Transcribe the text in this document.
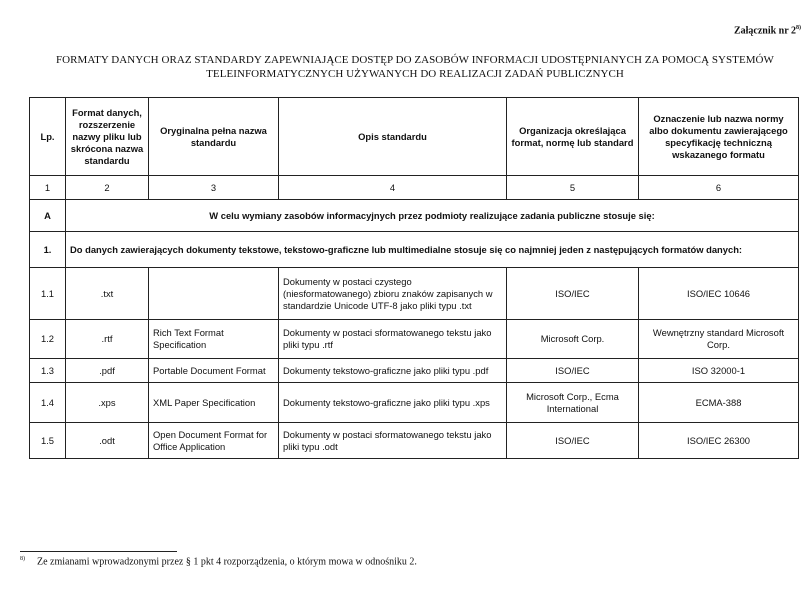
Załącznik nr 2$^{8)}$
FORMATY DANYCH ORAZ STANDARDY ZAPEWNIAJĄCE DOSTĘP DO ZASOBÓW INFORMACJI UDOSTĘPNIANYCH ZA POMOCĄ SYSTEMÓW
TELEINFORMATYCZNYCH UŻYWANYCH DO REALIZACJI ZADAŃ PUBLICZNYCH
Lp.	Format danych, rozszerzenie nazwy pliku lub skrócona nazwa standardu	Oryginalna pełna nazwa standardu	Opis standardu	Organizacja określająca format, normę lub standard	Oznaczenie lub nazwa normy albo dokumentu zawierającego specyfikację techniczną wskazanego formatu
1	2	3	4	5	6
A	W celu wymiany zasobów informacyjnych przez podmioty realizujące zadania publiczne stosuje się:				
1.	Do danych zawierających dokumenty tekstowe, tekstowo-graficzne lub multimedialne stosuje się co najmniej jeden z następujących formatów danych:				
1.1	.txt		Dokumenty w postaci czystego (niesformatowanego) zbioru znaków zapisanych w standardzie Unicode UTF-8 jako pliki typu .txt	ISO/IEC	ISO/IEC 10646
1.2	.rtf	Rich Text Format Specification	Dokumenty w postaci sformatowanego tekstu jako pliki typu .rtf	Microsoft Corp.	Wewnętrzny standard Microsoft Corp.
1.3	.pdf	Portable Document Format	Dokumenty tekstowo-graficzne jako pliki typu .pdf	ISO/IEC	ISO 32000-1
1.4	.xps	XML Paper Specification	Dokumenty tekstowo-graficzne jako pliki typu .xps	Microsoft Corp., Ecma International	ECMA-388
1.5	.odt	Open Document Format for Office Application	Dokumenty w postaci sformatowanego tekstu jako pliki typu .odt	ISO/IEC	ISO/IEC 26300
$^{8)}$ Ze zmianami wprowadzonymi przez § 1 pkt 4 rozporządzenia, o którym mowa w odnośniku 2.
